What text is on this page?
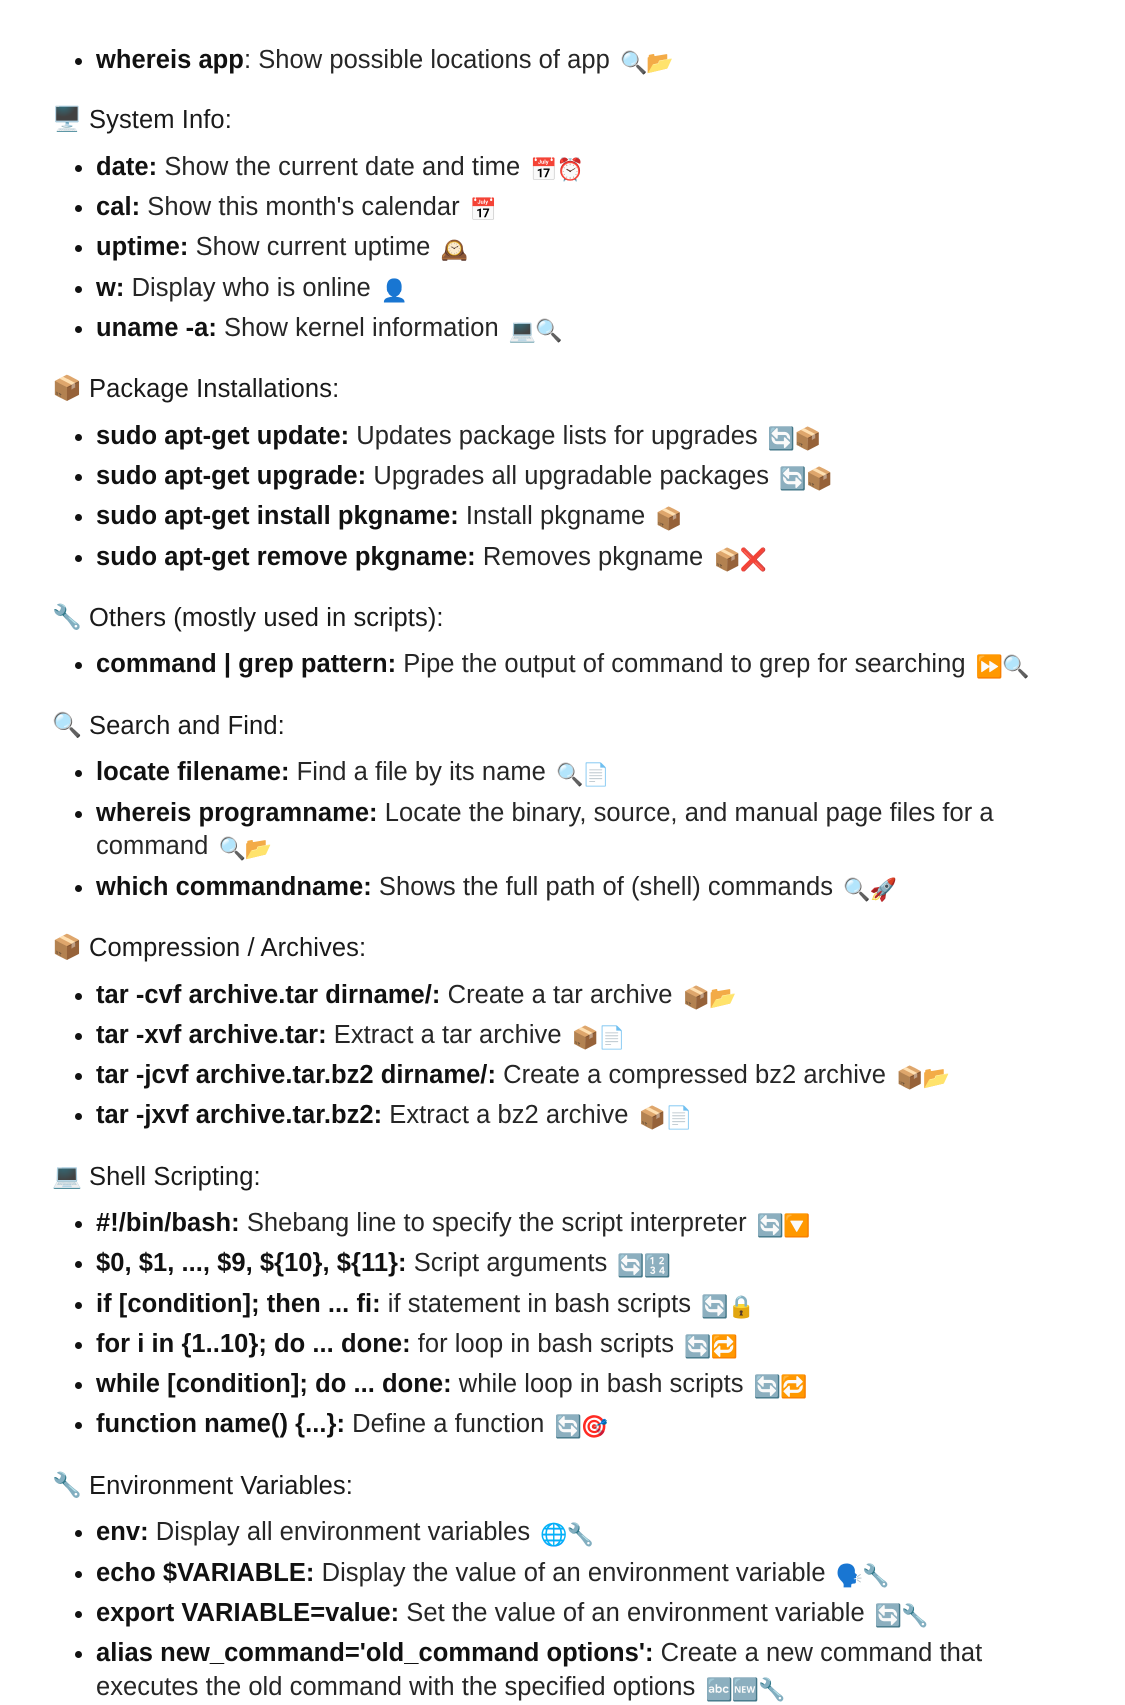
whereis app: Show possible locations of app 🔍📂
🖥️ System Info:
date: Show the current date and time 📅⏰
cal: Show this month's calendar 📅
uptime: Show current uptime 🕰️
w: Display who is online 👤
uname -a: Show kernel information 💻🔍
📦 Package Installations:
sudo apt-get update: Updates package lists for upgrades 🔄📦
sudo apt-get upgrade: Upgrades all upgradable packages 🔄📦
sudo apt-get install pkgname: Install pkgname 📦
sudo apt-get remove pkgname: Removes pkgname 📦❌
🔧 Others (mostly used in scripts):
command | grep pattern: Pipe the output of command to grep for searching ⏩🔍
🔍 Search and Find:
locate filename: Find a file by its name 🔍📄
whereis programname: Locate the binary, source, and manual page files for a command 🔍📂
which commandname: Shows the full path of (shell) commands 🔍🚀
📦 Compression / Archives:
tar -cvf archive.tar dirname/: Create a tar archive 📦📂
tar -xvf archive.tar: Extract a tar archive 📦📄
tar -jcvf archive.tar.bz2 dirname/: Create a compressed bz2 archive 📦📂
tar -jxvf archive.tar.bz2: Extract a bz2 archive 📦📄
💻 Shell Scripting:
#!/bin/bash: Shebang line to specify the script interpreter 🔄🔽
$0, $1, ..., $9, ${10}, ${11}: Script arguments 🔄🔢
if [condition]; then ... fi: if statement in bash scripts 🔄🔒
for i in {1..10}; do ... done: for loop in bash scripts 🔄🔁
while [condition]; do ... done: while loop in bash scripts 🔄🔁
function name() {...}: Define a function 🔄🎯
🔧 Environment Variables:
env: Display all environment variables 🌐🔧
echo $VARIABLE: Display the value of an environment variable 🗣️🔧
export VARIABLE=value: Set the value of an environment variable 🔄🔧
alias new_command='old_command options': Create a new command that executes the old command with the specified options 🔤🆕🔧
